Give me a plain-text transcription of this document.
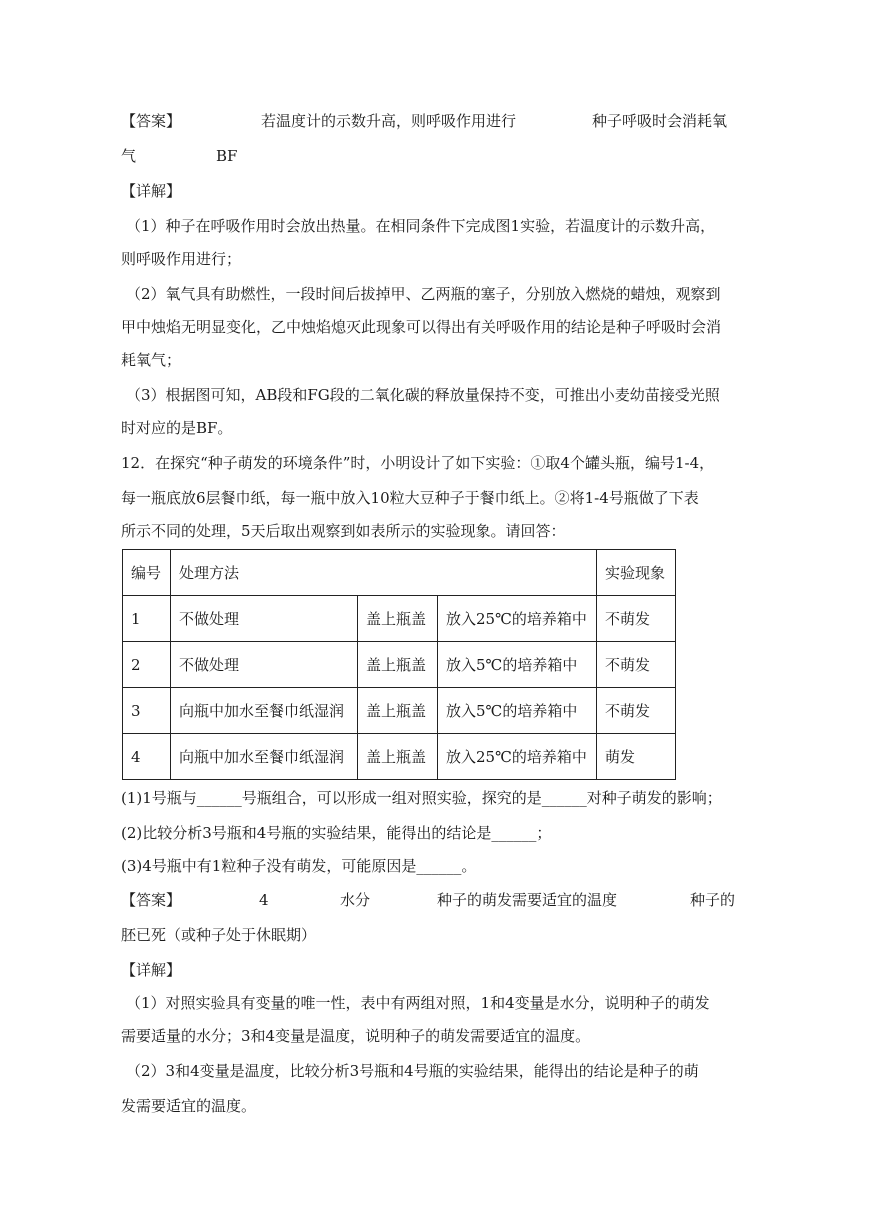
【答案】	若温度计的示数升高，则呼吸作用进行	种子呼吸时会消耗氧
气	BF
【详解】
（1）种子在呼吸作用时会放出热量。在相同条件下完成图1实验，若温度计的示数升高，
则呼吸作用进行；
（2）氧气具有助燃性，一段时间后拔掉甲、乙两瓶的塞子，分别放入燃烧的蜡烛，观察到
甲中烛焰无明显变化，乙中烛焰熄灭此现象可以得出有关呼吸作用的结论是种子呼吸时会消
耗氧气；
（3）根据图可知，AB段和FG段的二氧化碳的释放量保持不变，可推出小麦幼苗接受光照
时对应的是BF。
12．在探究“种子萌发的环境条件”时，小明设计了如下实验：①取4个罐头瓶，编号1-4，
每一瓶底放6层餐巾纸，每一瓶中放入10粒大豆种子于餐巾纸上。②将1-4号瓶做了下表
所示不同的处理，5天后取出观察到如表所示的实验现象。请回答：
编号	处理方法			实验现象
1	不做处理	盖上瓶盖	放入25℃的培养箱中	不萌发
2	不做处理	盖上瓶盖	放入5℃的培养箱中	不萌发
3	向瓶中加水至餐巾纸湿润	盖上瓶盖	放入5℃的培养箱中	不萌发
4	向瓶中加水至餐巾纸湿润	盖上瓶盖	放入25℃的培养箱中	萌发
(1)1号瓶与______号瓶组合，可以形成一组对照实验，探究的是______对种子萌发的影响；
(2)比较分析3号瓶和4号瓶的实验结果，能得出的结论是______；
(3)4号瓶中有1粒种子没有萌发，可能原因是______。
【答案】	4	水分	种子的萌发需要适宜的温度	种子的
胚已死（或种子处于休眠期）
【详解】
（1）对照实验具有变量的唯一性，表中有两组对照，1和4变量是水分，说明种子的萌发
需要适量的水分；3和4变量是温度，说明种子的萌发需要适宜的温度。
（2）3和4变量是温度，比较分析3号瓶和4号瓶的实验结果，能得出的结论是种子的萌
发需要适宜的温度。
